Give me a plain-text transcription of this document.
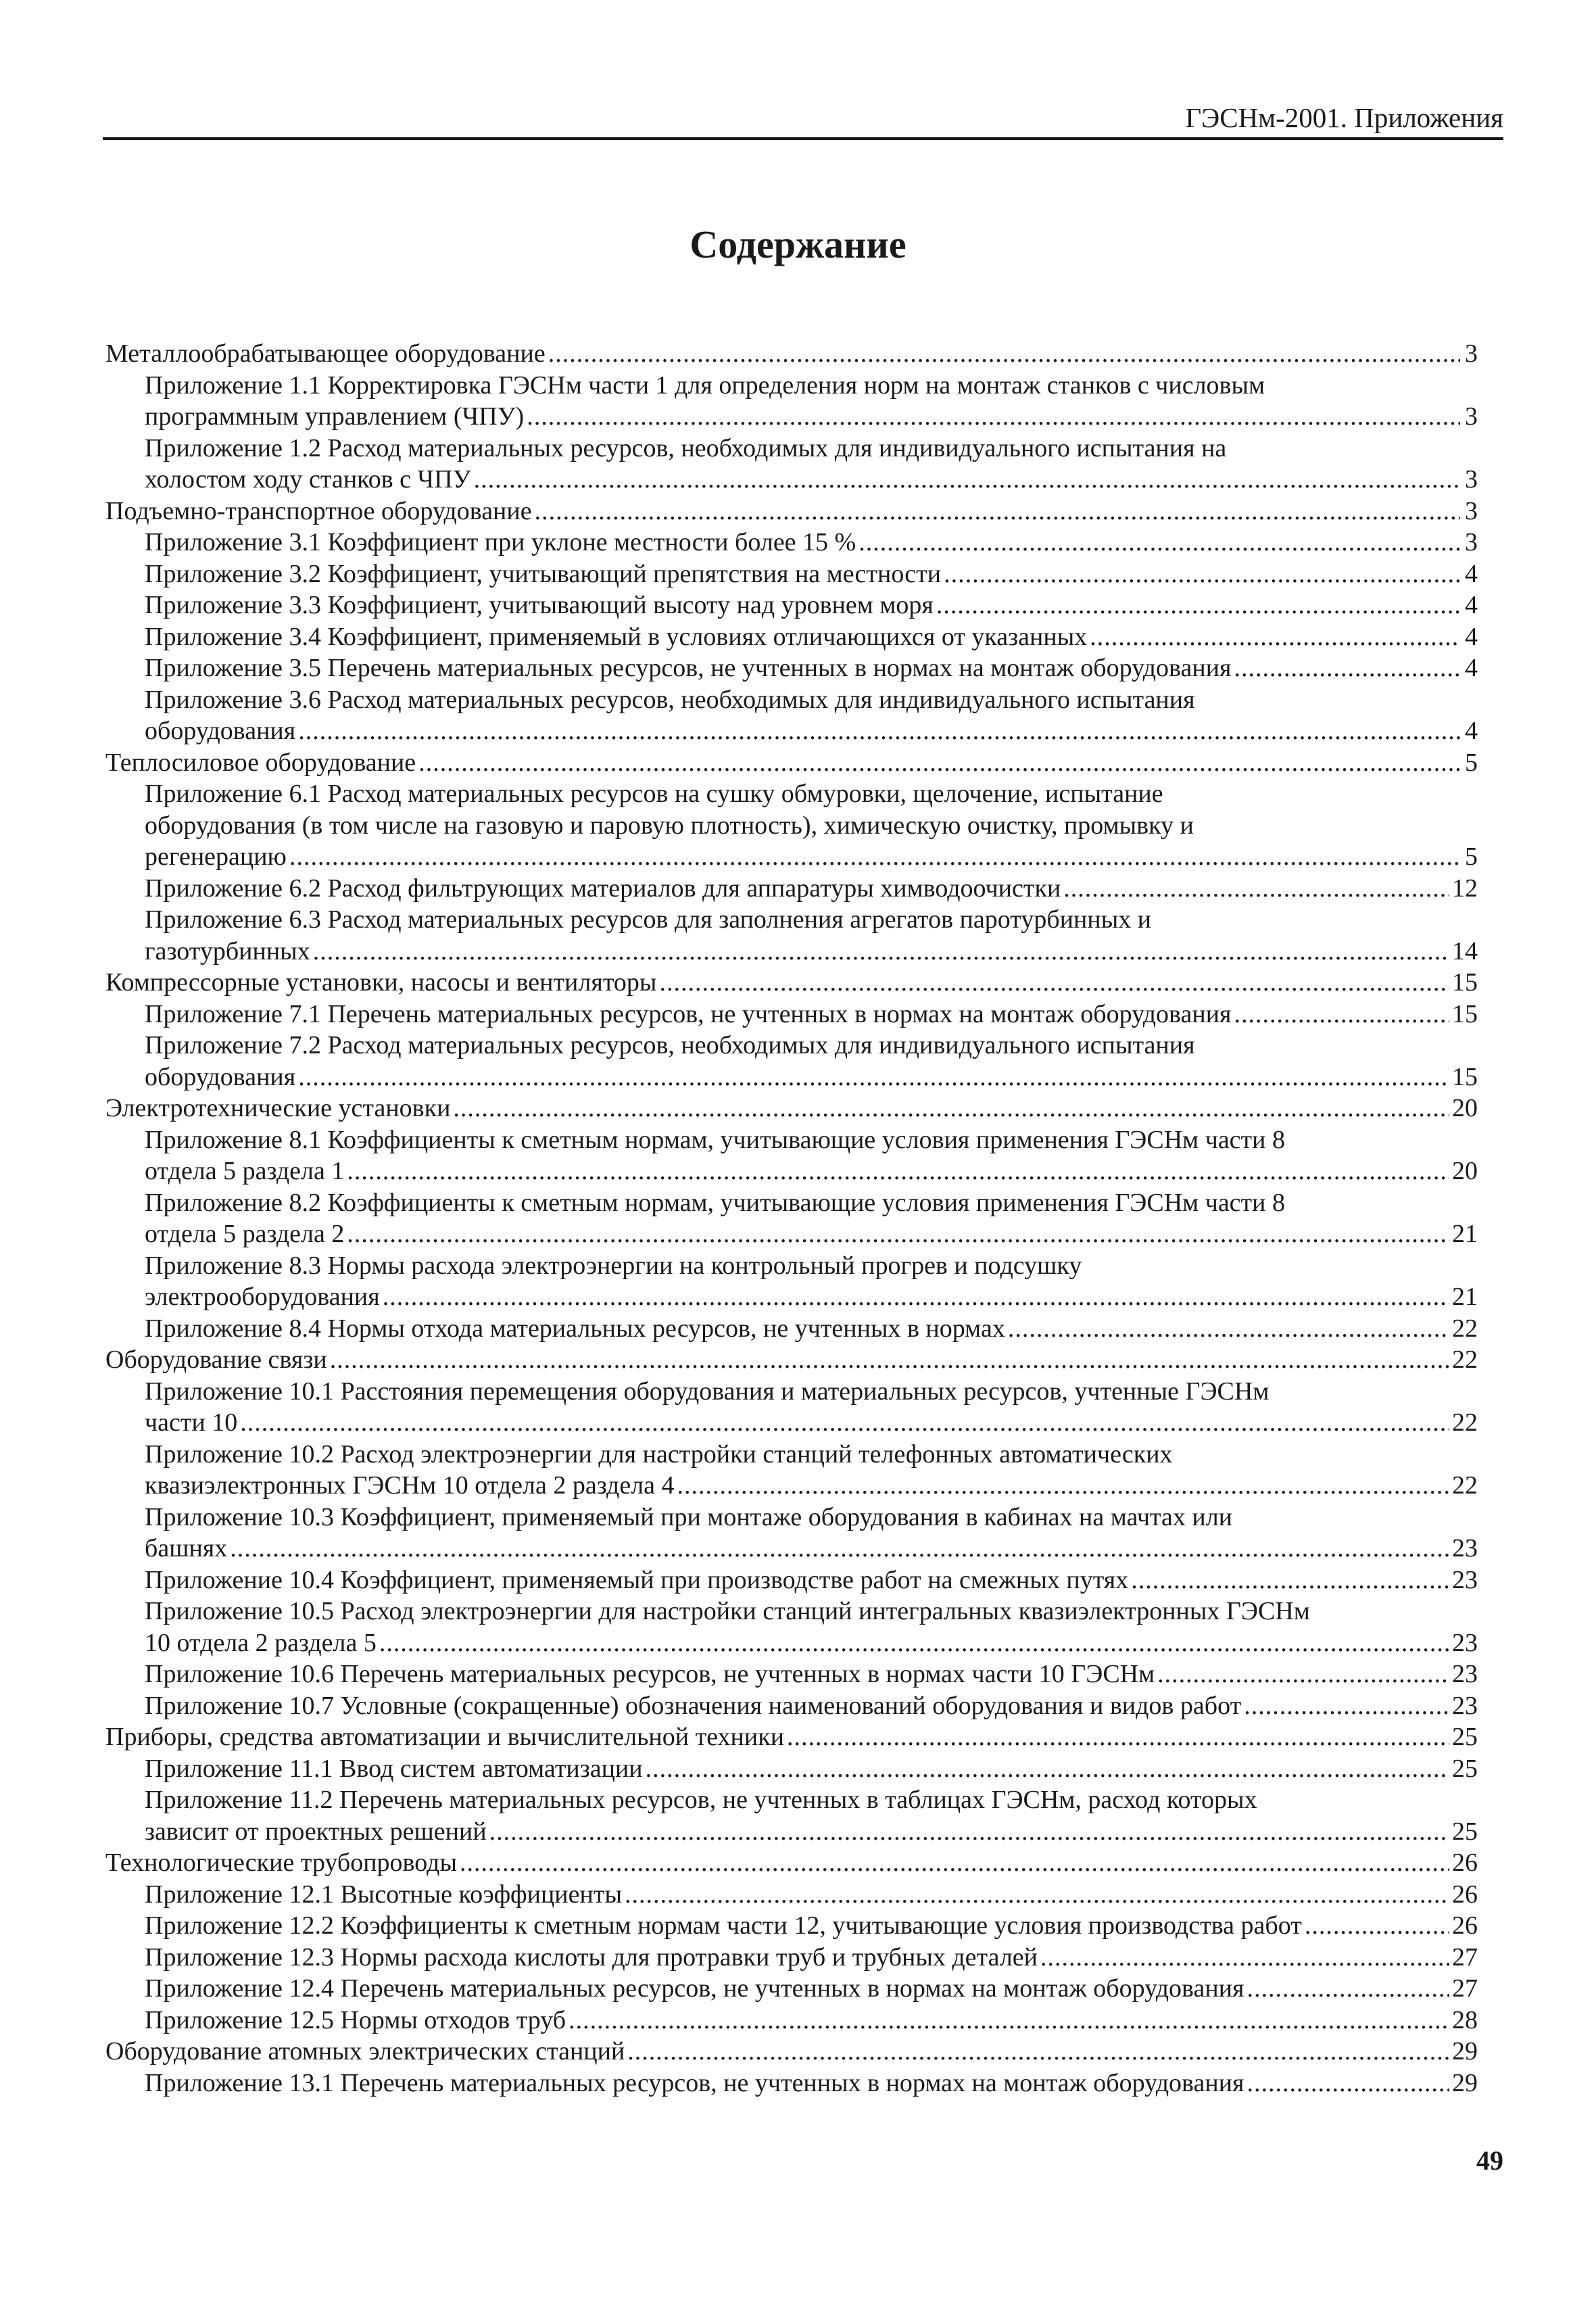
ГЭСНм-2001. Приложения
Содержание
Металлообрабатывающее оборудование .....	3
Приложение 1.1 Корректировка ГЭСНм части 1 для определения норм на монтаж станков с числовым
программным управлением (ЧПУ) .....	3
Приложение 1.2 Расход материальных ресурсов, необходимых для индивидуального испытания на
холостом ходу станков с ЧПУ .....	3
Подъемно-транспортное оборудование .....	3
Приложение 3.1 Коэффициент при уклоне местности более 15 % .....	3
Приложение 3.2 Коэффициент, учитывающий препятствия на местности .....	4
Приложение 3.3 Коэффициент, учитывающий высоту над уровнем моря .....	4
Приложение 3.4 Коэффициент, применяемый в условиях отличающихся от указанных .....	4
Приложение 3.5 Перечень материальных ресурсов, не учтенных в нормах на монтаж оборудования .....	4
Приложение 3.6 Расход материальных ресурсов, необходимых для индивидуального испытания
оборудования .....	4
Теплосиловое оборудование .....	5
Приложение 6.1 Расход материальных ресурсов на сушку обмуровки, щелочение, испытание
оборудования (в том числе на газовую и паровую плотность), химическую очистку, промывку и
регенерацию .....	5
Приложение 6.2 Расход фильтрующих материалов для аппаратуры химводоочистки .....	12
Приложение 6.3 Расход материальных ресурсов для заполнения агрегатов паротурбинных и
газотурбинных .....	14
Компрессорные установки, насосы и вентиляторы .....	15
Приложение 7.1 Перечень материальных ресурсов, не учтенных в нормах на монтаж оборудования .....	15
Приложение 7.2 Расход материальных ресурсов, необходимых для индивидуального испытания
оборудования .....	15
Электротехнические установки .....	20
Приложение 8.1 Коэффициенты к сметным нормам, учитывающие условия применения ГЭСНм части 8
отдела 5 раздела 1 .....	20
Приложение 8.2 Коэффициенты к сметным нормам, учитывающие условия применения ГЭСНм части 8
отдела 5 раздела 2 .....	21
Приложение 8.3 Нормы расхода электроэнергии на контрольный прогрев и подсушку
электрооборудования .....	21
Приложение 8.4 Нормы отхода материальных ресурсов, не учтенных в нормах .....	22
Оборудование связи .....	22
Приложение 10.1 Расстояния перемещения оборудования и материальных ресурсов, учтенные ГЭСНм
части 10 .....	22
Приложение 10.2 Расход электроэнергии для настройки станций телефонных автоматических
квазиэлектронных ГЭСНм 10 отдела 2 раздела 4 .....	22
Приложение 10.3 Коэффициент, применяемый при монтаже оборудования в кабинах на мачтах или
башнях .....	23
Приложение 10.4 Коэффициент, применяемый при производстве работ на смежных путях .....	23
Приложение 10.5 Расход электроэнергии для настройки станций интегральных квазиэлектронных ГЭСНм
10 отдела 2 раздела 5 .....	23
Приложение 10.6 Перечень материальных ресурсов, не учтенных в нормах части 10 ГЭСНм .....	23
Приложение 10.7 Условные (сокращенные) обозначения наименований оборудования и видов работ .....	23
Приборы, средства автоматизации и вычислительной техники .....	25
Приложение 11.1 Ввод систем автоматизации .....	25
Приложение 11.2 Перечень материальных ресурсов, не учтенных в таблицах ГЭСНм, расход которых
зависит от проектных решений .....	25
Технологические трубопроводы .....	26
Приложение 12.1 Высотные коэффициенты .....	26
Приложение 12.2 Коэффициенты к сметным нормам части 12, учитывающие условия производства работ .....	26
Приложение 12.3 Нормы расхода кислоты для протравки труб и трубных деталей .....	27
Приложение 12.4 Перечень материальных ресурсов, не учтенных в нормах на монтаж оборудования .....	27
Приложение 12.5 Нормы отходов труб .....	28
Оборудование атомных электрических станций .....	29
Приложение 13.1 Перечень материальных ресурсов, не учтенных в нормах на монтаж оборудования .....	29
49
